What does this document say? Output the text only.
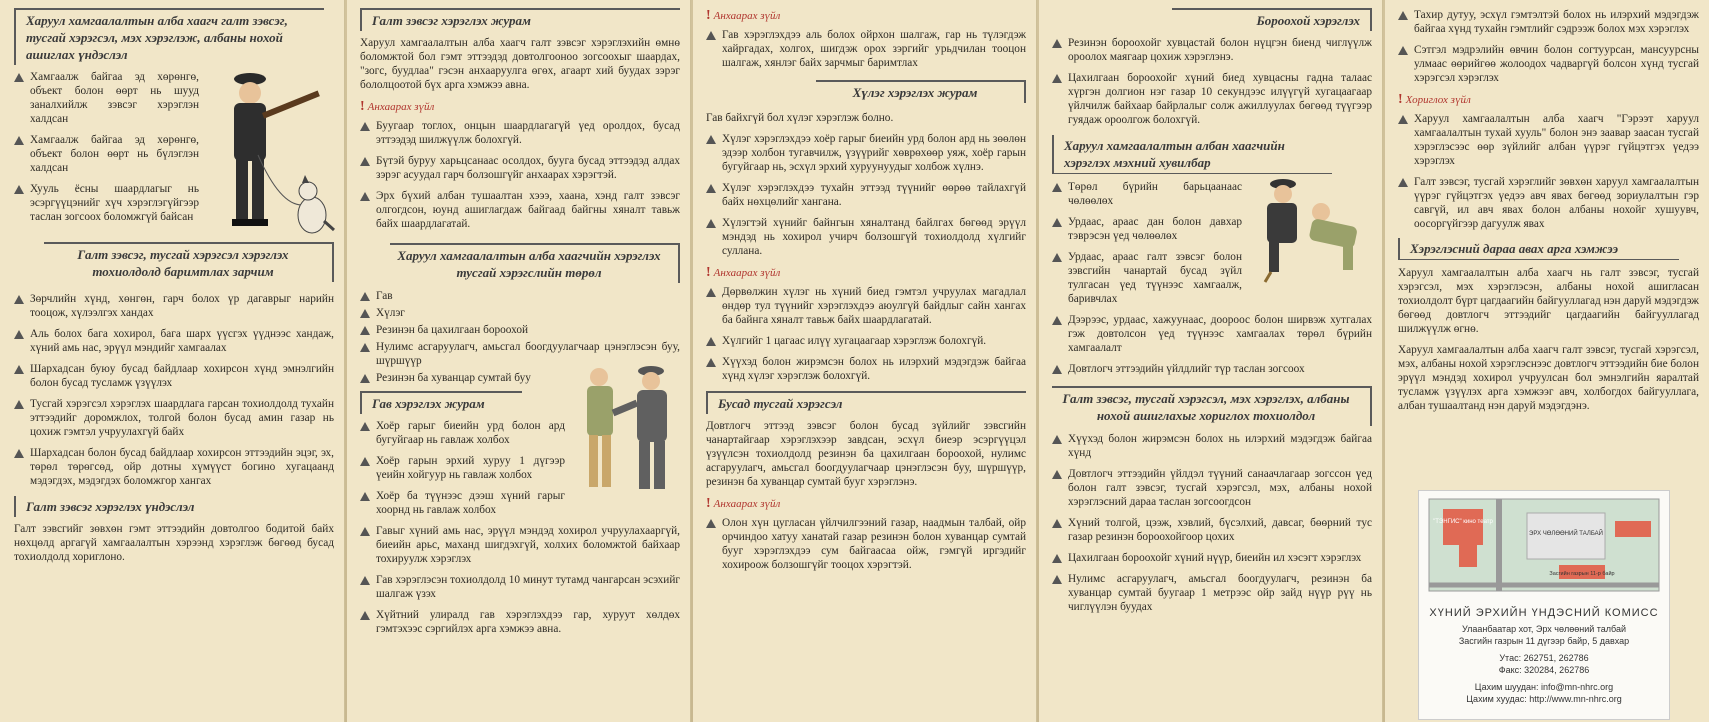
Харуул хамгаалалтын алба хаагч галт зэвсэг, тусгай хэрэгсэл, мэх хэрэглэж, албаны нохой ашиглах үндэслэл
Хамгаалж байгаа эд хөрөнгө, объект болон өөрт нь шууд заналхийлж зэвсэг хэрэглэн халдсан
Хамгаалж байгаа эд хөрөнгө, объект болон өөрт нь бүлэглэн халдсан
Хууль ёсны шаардлагыг нь эсэргүүцэнийг хүч хэрэглэгүйгээр таслан зогсоох боломжгүй байсан
Галт зэвсэг, тусгай хэрэгсэл хэрэглэх тохиолдолд баримтлах зарчим
Зөрчлийн хүнд, хөнгөн, гарч болох үр дагаврыг нарийн тооцож, хүлээлгэх хандах
Аль болох бага хохирол, бага шарх үүсгэх үүднээс хандаж, хүний амь нас, эрүүл мэндийг хамгаалах
Шархадсан буюу бусад байдлаар хохирсон хүнд эмнэлгийн болон бусад тусламж үзүүлэх
Тусгай хэрэгсэл хэрэглэх шаардлага гарсан тохиолдолд тухайн эттээдийг доромжлох, толгой болон бусад амин газар нь цохиж гэмтэл учруулахгүй байх
Шархадсан болон бусад байдлаар хохирсон эттээдийн эцэг, эх, төрөл төрөгсөд, ойр дотны хүмүүст богино хугацаанд мэдэгдэх, мэдэгдэх боломжгор хангах
Галт зэвсэг хэрэглэх үндэслэл
Галт зэвсгийг зөвхөн гэмт эттээдийн довтолгоо бодитой байх нөхцөлд аргагүй хамгаалалтын хэрээнд хэрэглэж бөгөөд бусад тохиолдолд хориглоно.
Галт зэвсэг хэрэглэх журам
Харуул хамгаалалтын алба хаагч галт зэвсэг хэрэглэхийн өмнө боломжтой бол гэмт эттээдэд довтолгооноо зогсоохыг шаардах, "зогс, буудлаа" гэсэн анхааруулга өгөх, агаарт хий буудах зэрэг бололцоотой бүх арга хэмжээ авна.
! Анхаарах зүйл
Буугаар тоглох, онцын шаардлагагүй үед оролдох, бусад эттээдэд шилжүүлж болохгүй.
Бүтэй буруу харьцсанаас осолдох, бууга бусад эттээдэд алдах зэрэг асуудал гарч болзошгүйг анхаарах хэрэгтэй.
Эрх бүхий албан тушаалтан хэээ, хаана, хэнд галт зэвсэг олгогдсон, юунд ашиглагдаж байгаад байгны хяналт тавьж байх шаардлагатай.
Харуул хамгаалалтын алба хаагчийн хэрэглэх тусгай хэрэгслийн төрөл
Гав
Хүлэг
Резинэн ба цахилгаан бороохой
Нулимс асгаруулагч, амьсгал боогдуулагчаар цэнэглэсэн буу, шүршүүр
Резинэн ба хуванцар сумтай буу
Гав хэрэглэх журам
Хоёр гарыг биеийн урд болон ард бугуйгаар нь гавлаж холбох
Хоёр гарын эрхий хуруу 1 дүгээр үеийн хойгуур нь гавлаж холбох
Хоёр ба түүнээс дээш хүний гарыг хоорнд нь гавлаж холбох
Гавыг хүний амь нас, эрүүл мэндэд хохирол учруулахааргүй, биеийн арьс, маханд шигдэхгүй, холхих боломжтой байхаар тохируулж хэрэглэх
Гав хэрэглэсэн тохиолдолд 10 минут тутамд чангарсан эсэхийг шалгаж үзэх
Хүйтний улиралд гав хэрэглэхдээ гар, хуруут хөлдөх гэмтэхээс сэргийлэх арга хэмжээ авна.
! Анхаарах зүйл
Гав хэрэглэхдээ аль болох ойрхон шалгаж, гар нь түлэгдэж хайргадах, холгох, шигдэж орох зэргийг урьдчилан тооцон шалгаж, хянлэг байх зарчмыг баримтлах
Хүлэг хэрэглэх журам
Гав байхгүй бол хүлэг хэрэглэж болно.
Хүлэг хэрэглэхдээ хоёр гарыг биеийн урд болон ард нь зөөлөн эдээр холбон тугавчилж, үзүүрийг хөврөхөөр уяж, хоёр гарын бугуйгаар нь, эсхүл эрхий хуруунуудыг холбож хүлнэ.
Хүлэг хэрэглэхдээ тухайн эттээд түүнийг өөрөө тайлахгүй байх нөхцөлийг хангана.
Хүлэгтэй хүнийг байнгын хяналтанд байлгах бөгөөд эрүүл мэндэд нь хохирол учирч болзошгүй тохиолдолд хүлгийг суллана.
! Анхаарах зүйл
Дөрвөлжин хүлэг нь хүний биед гэмтэл учруулах магадлал өндөр тул түүнийг хэрэглэхдээ аюулгүй байдлыг сайн хангах ба байнга хяналт тавьж байх шаардлагатай.
Хүлгийг 1 цагаас илүү хугацаагаар хэрэглэж болохгүй.
Хүүхэд болон жирэмсэн болох нь илэрхий мэдэгдэж байгаа хүнд хүлэг хэрэглэж болохгүй.
Бусад тусгай хэрэгсэл
Довтлогч эттээд зэвсэг болон бусад зүйлийг зэвсгийн чанартайгаар хэрэглэхээр завдсан, эсхүл биеэр эсэргүүцэл үзүүлсэн тохиолдолд резинэн ба цахилгаан бороохой, нулимс асгаруулагч, амьсгал боогдуулагчаар цэнэглэсэн буу, шүршүүр, резинэн ба хуванцар сумтай бууг хэрэглэнэ.
! Анхаарах зүйл
Олон хүн цугласан үйлчилгээний газар, наадмын талбай, ойр орчиндоо хатуу ханатай газар резинэн болон хуванцар сумтай бууг хэрэглэхдээ сум байгаасаа ойж, гэмгүй иргэдийг хохироож болзошгүйг тооцох хэрэгтэй.
Бороохой хэрэглэх
Резинэн бороохойг хувцастай болон нүцгэн биенд чиглүүлж ороолох маягаар цохиж хэрэглэнэ.
Цахилгаан бороохойг хүний биед хувцасны гадна талаас хүргэн долгион нэг газар 10 секундээс илүүгүй хугацаагаар үйлчилж байхаар байрлалыг солж ажиллуулах бөгөөд түүгээр гуядаж ороолгож болохгүй.
Харуул хамгаалалтын албан хаагчийн хэрэглэх мэхний хувилбар
Төрөл бүрийн барьцаанаас чөлөөлөх
Урдаас, араас дан болон давхар тэврэсэн үед чөлөөлөх
Урдаас, араас галт зэвсэг болон зэвсгийн чанартай бусад зүйл тулгасан үед түүнээс хамгаалж, баривчлах
Дээрээс, урдаас, хажуунаас, доороос болон ширвэж хутгалах гэж довтолсон үед түүнээс хамгаалах төрөл бүрийн хамгаалалт
Довтлогч эттээдийн үйлдлийг түр таслан зогсоох
Галт зэвсэг, тусгай хэрэгсэл, мэх хэрэглэх, албаны нохой ашиглахыг хориглох тохиолдол
Хүүхэд болон жирэмсэн болох нь илэрхий мэдэгдэж байгаа хүнд
Довтлогч эттээдийн үйлдэл түүний санаачлагаар зогссон үед болон галт зэвсэг, тусгай хэрэгсэл, мэх, албаны нохой хэрэглэсний дараа таслан зогсоогдсон
Хүний толгой, цээж, хэвлий, бүсэлхий, давсаг, бөөрний тус газар резинэн бороохойгоор цохих
Цахилгаан бороохойг хүний нүүр, биеийн ил хэсэгт хэрэглэх
Нулимс асгаруулагч, амьсгал боогдуулагч, резинэн ба хуванцар сумтай буугаар 1 метрээс ойр зайд нүүр рүү нь чиглүүлэн буудах
Тахир дутуу, эсхүл гэмтэлтэй болох нь илэрхий мэдэгдэж байгаа хүнд тухайн гэмтлийг сэдрээж болох мэх хэрэглэх
Сэтгэл мэдрэлийн өвчин болон согтуурсан, мансуурсны улмаас өөрийгөө жолоодох чадваргүй болсон хүнд тусгай хэрэгсэл хэрэглэх
! Хориглох зүйл
Харуул хамгаалалтын алба хаагч "Гэрээт харуул хамгаалалтын тухай хууль" болон энэ заавар заасан тусгай хэрэглэсээс өөр зүйлийг албан үүрэг гүйцэтгэх үедээ хэрэглэх
Галт зэвсэг, тусгай хэрэглийг зөвхөн харуул хамгаалалтын үүрэг гүйцэтгэх үедээ авч явах бөгөөд зориулалтын гэр савгүй, ил авч явах болон албаны нохойг хушуувч, оосоргүйгээр дагуулж явах
Хэрэглэсний дараа авах арга хэмжээ
Харуул хамгаалалтын алба хаагч нь галт зэвсэг, тусгай хэрэгсэл, мэх хэрэглэсэн, албаны нохой ашигласан тохиолдолт бүрт цагдаагийн байгууллагад нэн даруй мэдэгдэж бөгөөд довтлогч эттээдийг цагдаагийн байгууллагад шилжүүлж өгнө.
Харуул хамгаалалтын алба хаагч галт зэвсэг, тусгай хэрэгсэл, мэх, албаны нохой хэрэглэснээс довтлогч эттээдийн бие болон эрүүл мэндэд хохирол учруулсан бол эмнэлгийн яаралтай тусламж үзүүлэх арга хэмжээг авч, холбогдох байгууллага, албан тушаалтанд нэн даруй мэдэгдэнэ.
"ТЭНГИС" кино театр
ЭРХ ЧӨЛӨӨНИЙ ТАЛБАЙ
Засгийн газрын 11-р байр
ХҮНИЙ ЭРХИЙН ҮНДЭСНИЙ КОМИСС
Улаанбаатар хот, Эрх чөлөөний талбай
Засгийн газрын 11 дүгээр байр, 5 давхар
Утас: 262751, 262786
Факс: 320284, 262786
Цахим шуудан: info@mn-nhrc.org
Цахим хуудас: http://www.mn-nhrc.org
